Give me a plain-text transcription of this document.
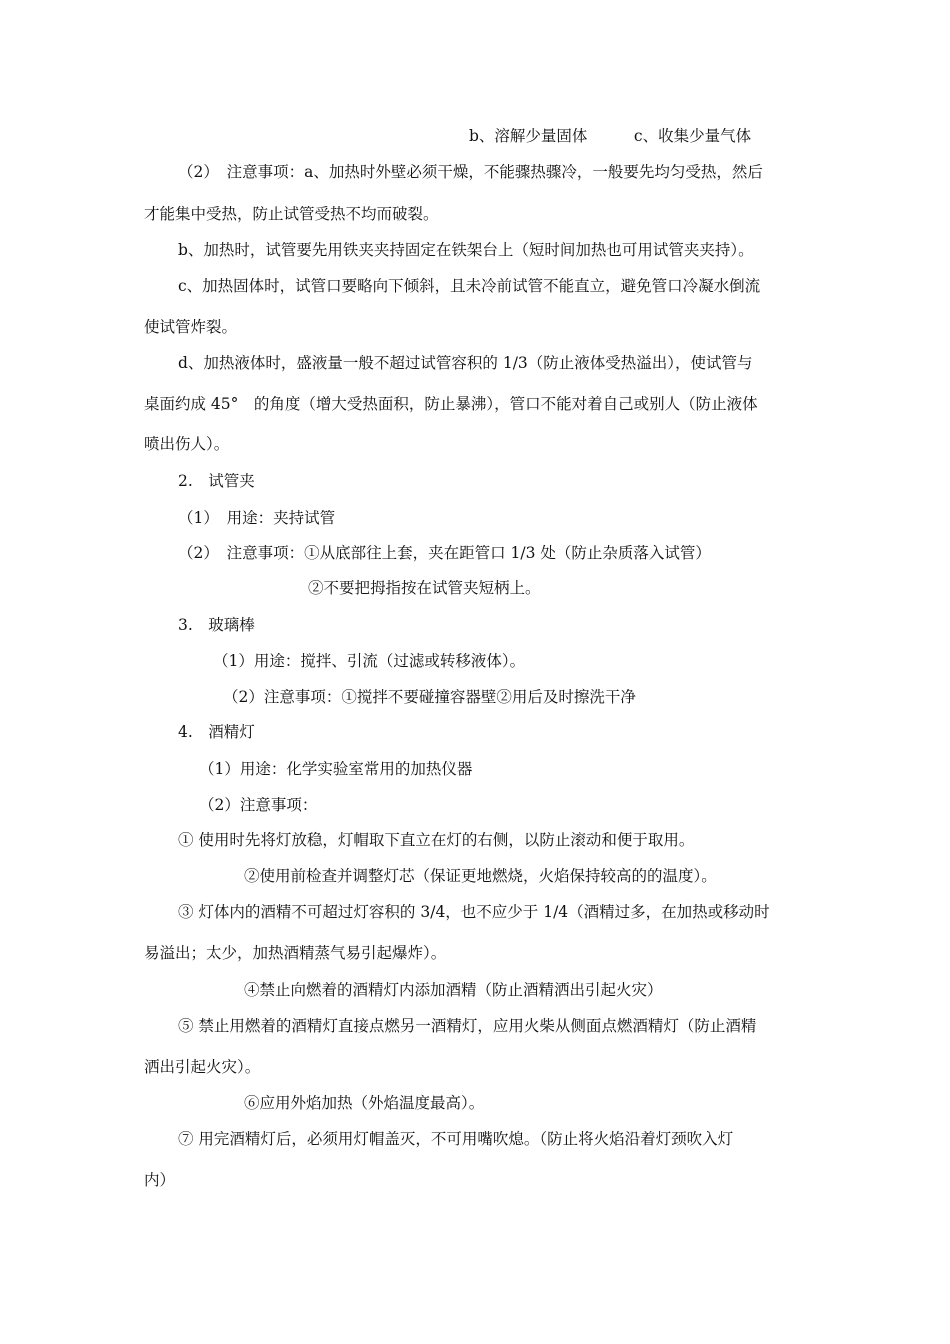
b、溶解少量固体　　　c、收集少量气体
（2）　注意事项：a、加热时外壁必须干燥，不能骤热骤冷，一般要先均匀受热，然后
才能集中受热，防止试管受热不均而破裂。
b、加热时，试管要先用铁夹夹持固定在铁架台上（短时间加热也可用试管夹夹持）。
c、加热固体时，试管口要略向下倾斜，且未冷前试管不能直立，避免管口冷凝水倒流
使试管炸裂。
d、加热液体时，盛液量一般不超过试管容积的 1/3（防止液体受热溢出），使试管与
桌面约成 45°　的角度（增大受热面积，防止暴沸），管口不能对着自己或别人（防止液体
喷出伤人）。
2.　试管夹
（1）　用途：夹持试管
（2）　注意事项：①从底部往上套，夹在距管口 1/3 处（防止杂质落入试管）
②不要把拇指按在试管夹短柄上。
3.　玻璃棒
（1）用途：搅拌、引流（过滤或转移液体）。
（2）注意事项：①搅拌不要碰撞容器壁②用后及时擦洗干净
4.　酒精灯
（1）用途：化学实验室常用的加热仪器
（2）注意事项：
① 使用时先将灯放稳，灯帽取下直立在灯的右侧，以防止滚动和便于取用。
②使用前检查并调整灯芯（保证更地燃烧，火焰保持较高的的温度）。
③ 灯体内的酒精不可超过灯容积的 3/4，也不应少于 1/4（酒精过多，在加热或移动时
易溢出；太少，加热酒精蒸气易引起爆炸）。
④禁止向燃着的酒精灯内添加酒精（防止酒精洒出引起火灾）
⑤ 禁止用燃着的酒精灯直接点燃另一酒精灯，应用火柴从侧面点燃酒精灯（防止酒精
洒出引起火灾）。
⑥应用外焰加热（外焰温度最高）。
⑦ 用完酒精灯后，必须用灯帽盖灭，不可用嘴吹熄。（防止将火焰沿着灯颈吹入灯
内）
